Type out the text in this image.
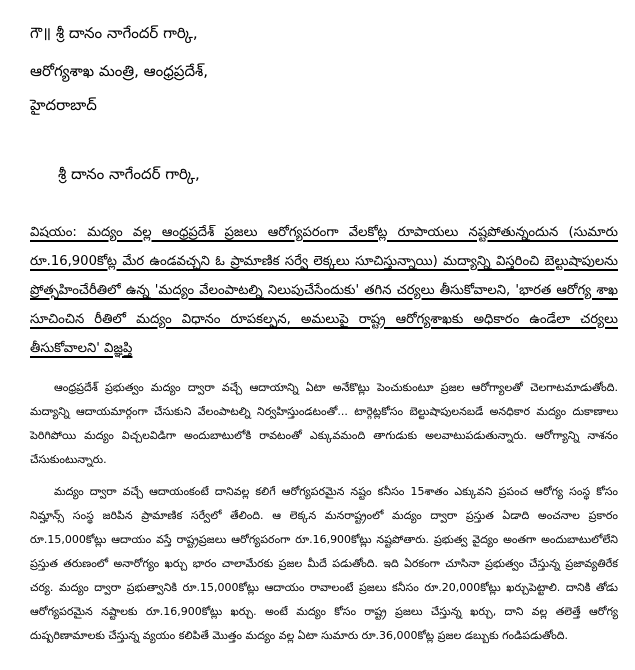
గౌ॥ శ్రీ దానం నాగేందర్ గార్కి,
ఆరోగ్యశాఖ మంత్రి, ఆంధ్రప్రదేశ్,
హైదరాబాద్
శ్రీ దానం నాగేందర్ గార్కి,
విషయం: మద్యం వల్ల ఆంధ్రప్రదేశ్ ప్రజలు ఆరోగ్యపరంగా వేలకోట్ల రూపాయలు నష్టపోతున్నందున (సుమారు రూ.16,900కోట్ల మేర ఉండవచ్చని ఓ ప్రామాణిక సర్వే లెక్కలు సూచిస్తున్నాయి) మద్యాన్ని విస్తరించి బెల్టుషాపులను ప్రోత్సహించేరీతిలో ఉన్న 'మద్యం వేలంపాటల్ని నిలుపుచేసేందుకు' తగిన చర్యలు తీసుకోవాలని, 'భారత ఆరోగ్య శాఖ సూచించిన రీతిలో మద్యం విధానం రూపకల్పన, అమలుపై రాష్ట్ర ఆరోగ్యశాఖకు అధికారం ఉండేలా చర్యలు తీసుకోవాలని' విజ్ఞప్తి

ఆంధ్రప్రదేశ్ ప్రభుత్వం మద్యం ద్వారా వచ్చే ఆదాయాన్ని ఏటా అనేకొట్లు పెంచుకుంటూ ప్రజల ఆరోగ్యాలతో చెలగాటమాడుతోంది. మద్యాన్ని ఆదాయమార్గంగా చేసుకుని వేలంపాటల్ని నిర్వహిస్తుండటంతో... టార్గెట్లకోసం బెల్టుషాపులనబడే అనధికార మద్యం దుకాణాలు పెరిగిపోయి మద్యం విచ్చలవిడిగా అందుబాటులోకి రావటంతో ఎక్కువమంది తాగుడుకు అలవాటుపడుతున్నారు. ఆరోగ్యాన్ని నాశనం చేసుకుంటున్నారు.

మద్యం ద్వారా వచ్చే ఆదాయంకంటే దానివల్ల కలిగే ఆరోగ్యపరమైన నష్టం కనీసం 15శాతం ఎక్కువని ప్రపంచ ఆరోగ్య సంస్థ కోసం నిమ్హాన్స్ సంస్థ జరిపిన ప్రామాణిక సర్వేలో తేలింది. ఆ లెక్కన మనరాష్ట్రంలో మద్యం ద్వారా ప్రస్తుత ఏడాది అంచనాల ప్రకారం రూ.15,000కోట్లు ఆదాయం వస్తే రాష్ట్రప్రజలు ఆరోగ్యపరంగా రూ.16,900కోట్లు నష్టపోతారు. ప్రభుత్వ వైద్యం అంతగా అందుబాటులోలేని ప్రస్తుత తరుణంలో అనారోగ్యం ఖర్చు భారం చాలామేరకు ప్రజల మీదే పడుతోంది. ఇది ఏరకంగా చూసినా ప్రభుత్వం చేస్తున్న ప్రజావ్యతిరేక చర్య. మద్యం ద్వారా ప్రభుత్వానికి రూ.15,000కోట్లు ఆదాయం రావాలంటే ప్రజలు కనీసం రూ.20,000కోట్లు ఖర్చుపెట్టాలి. దానికి తోడు ఆరోగ్యపరమైన నష్టాలకు రూ.16,900కోట్లు ఖర్చు. అంటే మద్యం కోసం రాష్ట్ర ప్రజలు చేస్తున్న ఖర్చు, దాని వల్ల తలెత్తే ఆరోగ్య దుష్పరిణామాలకు చేస్తున్న వ్యయం కలిపితే మొత్తం మద్యం వల్ల ఏటా సుమారు రూ.36,000కోట్ల ప్రజల డబ్బుకు గండిపడుతోంది.
